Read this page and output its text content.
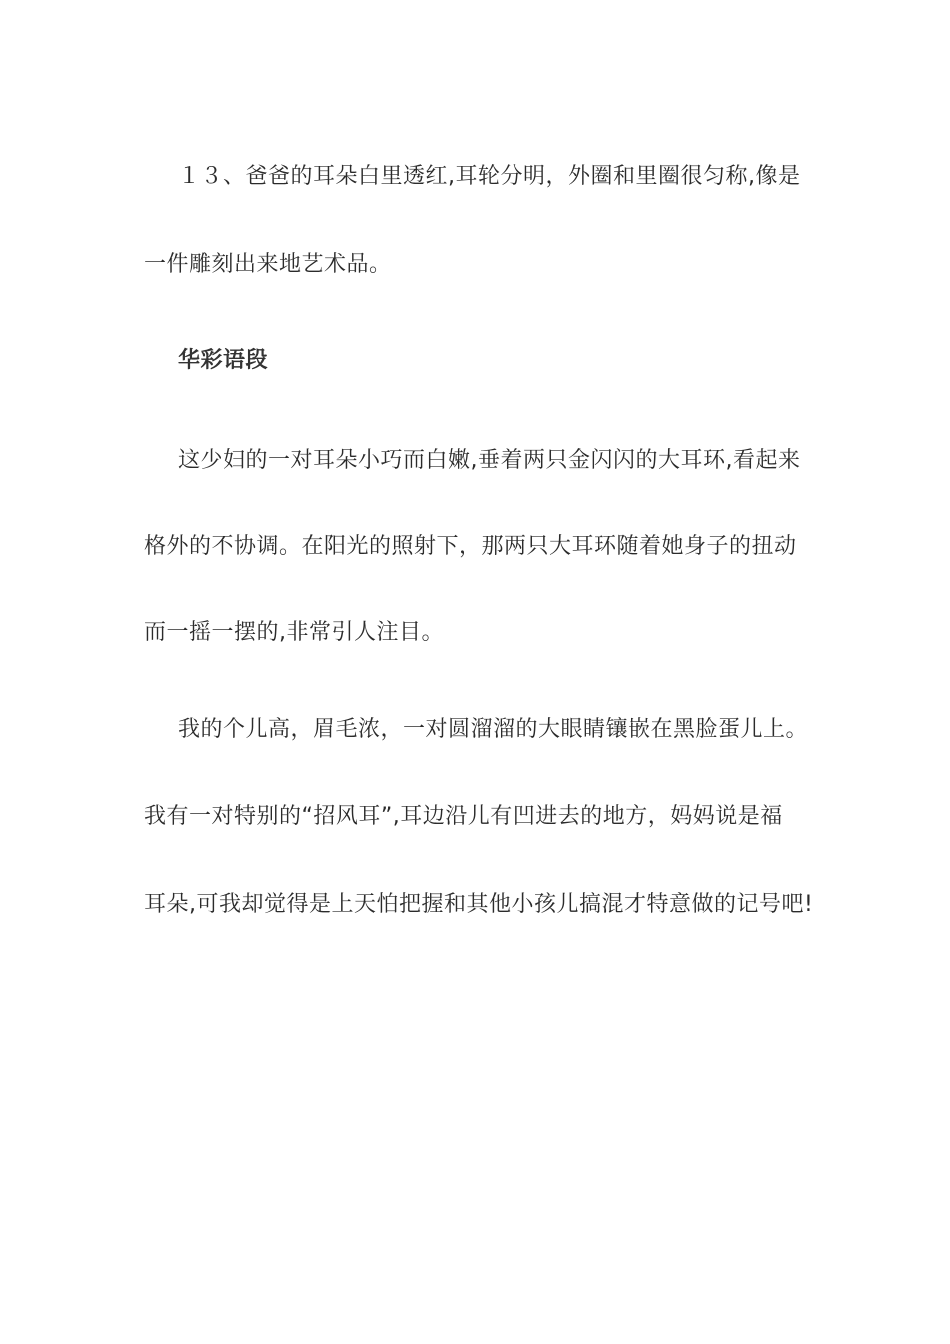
１３、爸爸的耳朵白里透红,耳轮分明，外圈和里圈很匀称,像是
一件雕刻出来地艺术品。
华彩语段
这少妇的一对耳朵小巧而白嫩,垂着两只金闪闪的大耳环,看起来
格外的不协调。在阳光的照射下，那两只大耳环随着她身子的扭动
而一摇一摆的,非常引人注目。
我的个儿高，眉毛浓，一对圆溜溜的大眼睛镶嵌在黑脸蛋儿上。
我有一对特别的“招风耳”,耳边沿儿有凹进去的地方，妈妈说是福
耳朵,可我却觉得是上天怕把握和其他小孩儿搞混才特意做的记号吧!
